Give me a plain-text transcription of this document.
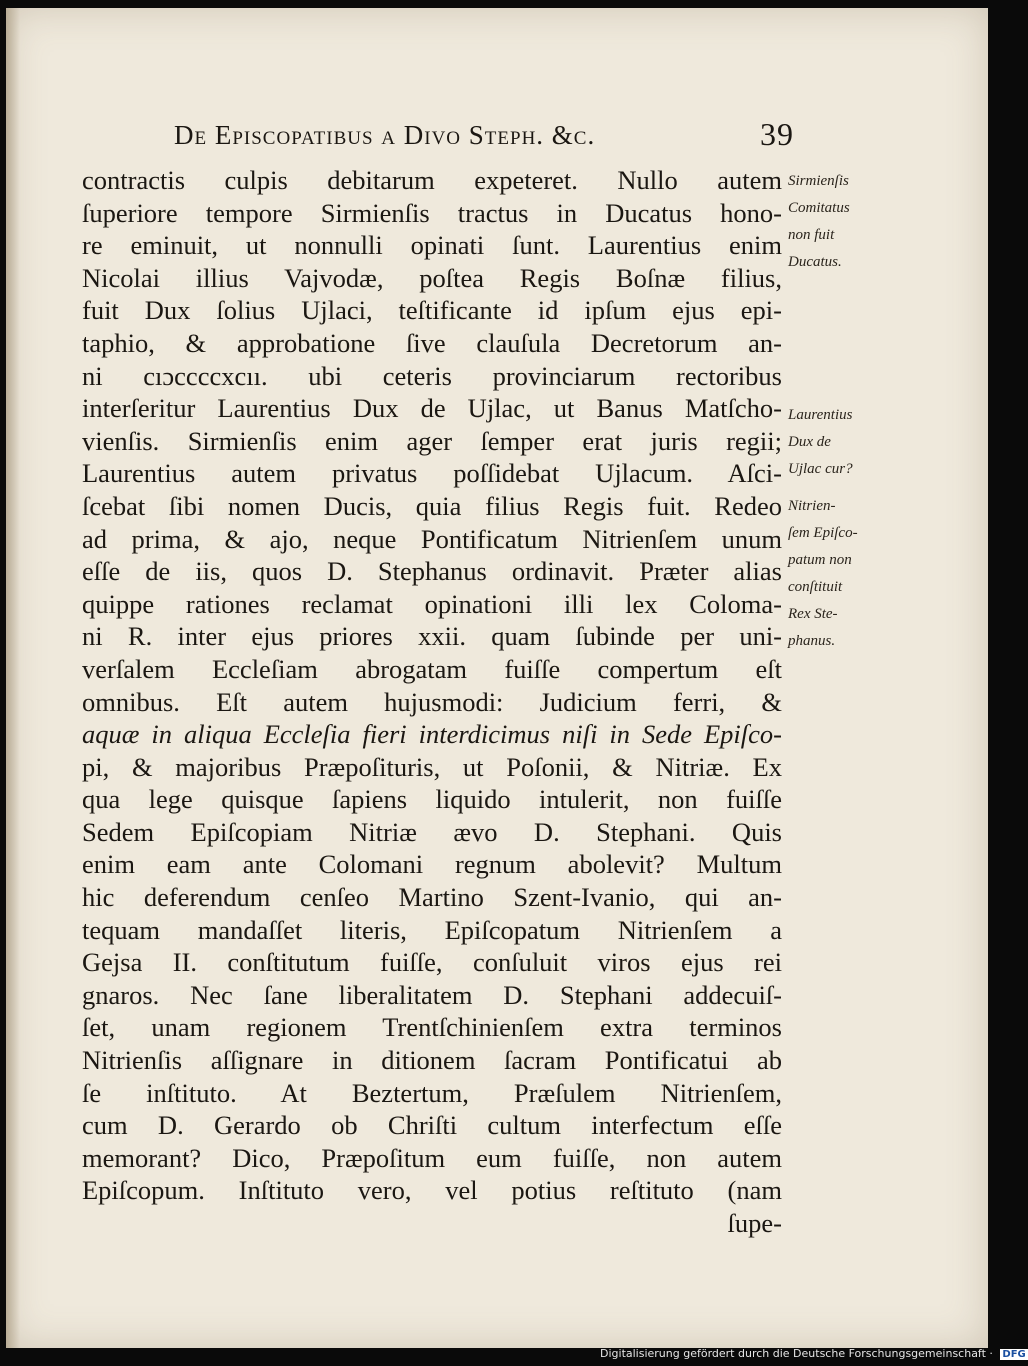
De Episcopatibus a Divo Steph. &c.	39
contractis culpis debitarum expeteret. Nullo autem
ſuperiore tempore Sirmienſis tractus in Ducatus hono-
re eminuit, ut nonnulli opinati ſunt. Laurentius enim
Nicolai illius Vajvodæ, poſtea Regis Boſnæ filius,
fuit Dux ſolius Ujlaci, teſtificante id ipſum ejus epi-
taphio, & approbatione ſive clauſula Decretorum an-
ni cıɔccccxcıı. ubi ceteris provinciarum rectoribus
interſeritur Laurentius Dux de Ujlac, ut Banus Matſcho-
vienſis. Sirmienſis enim ager ſemper erat juris regii;
Laurentius autem privatus poſſidebat Ujlacum. Aſci-
ſcebat ſibi nomen Ducis, quia filius Regis fuit. Redeo
ad prima, & ajo, neque Pontificatum Nitrienſem unum
eſſe de iis, quos D. Stephanus ordinavit. Præter alias
quippe rationes reclamat opinationi illi lex Coloma-
ni R. inter ejus priores xxii. quam ſubinde per uni-
verſalem Eccleſiam abrogatam fuiſſe compertum eſt
omnibus. Eſt autem hujusmodi: Judicium ferri, &
aquæ in aliqua Eccleſia fieri interdicimus niſi in Sede Epiſco-
pi, & majoribus Præpoſituris, ut Poſonii, & Nitriæ. Ex
qua lege quisque ſapiens liquido intulerit, non fuiſſe
Sedem Epiſcopiam Nitriæ ævo D. Stephani. Quis
enim eam ante Colomani regnum abolevit? Multum
hic deferendum cenſeo Martino Szent-Ivanio, qui an-
tequam mandaſſet literis, Epiſcopatum Nitrienſem a
Gejsa II. conſtitutum fuiſſe, conſuluit viros ejus rei
gnaros. Nec ſane liberalitatem D. Stephani addecuiſ-
ſet, unam regionem Trentſchinienſem extra terminos
Nitrienſis aſſignare in ditionem ſacram Pontificatui ab
ſe inſtituto. At Beztertum, Præſulem Nitrienſem,
cum D. Gerardo ob Chriſti cultum interfectum eſſe
memorant? Dico, Præpoſitum eum fuiſſe, non autem
Epiſcopum. Inſtituto vero, vel potius reſtituto (nam
ſupe-
Sirmienſis
Comitatus
non fuit
Ducatus.
Laurentius
Dux de
Ujlac cur?
Nitrien-
ſem Epiſco-
patum non
conſtituit
Rex Ste-
phanus.
Digitalisierung gefördert durch die Deutsche Forschungsgemeinschaft · DFG
